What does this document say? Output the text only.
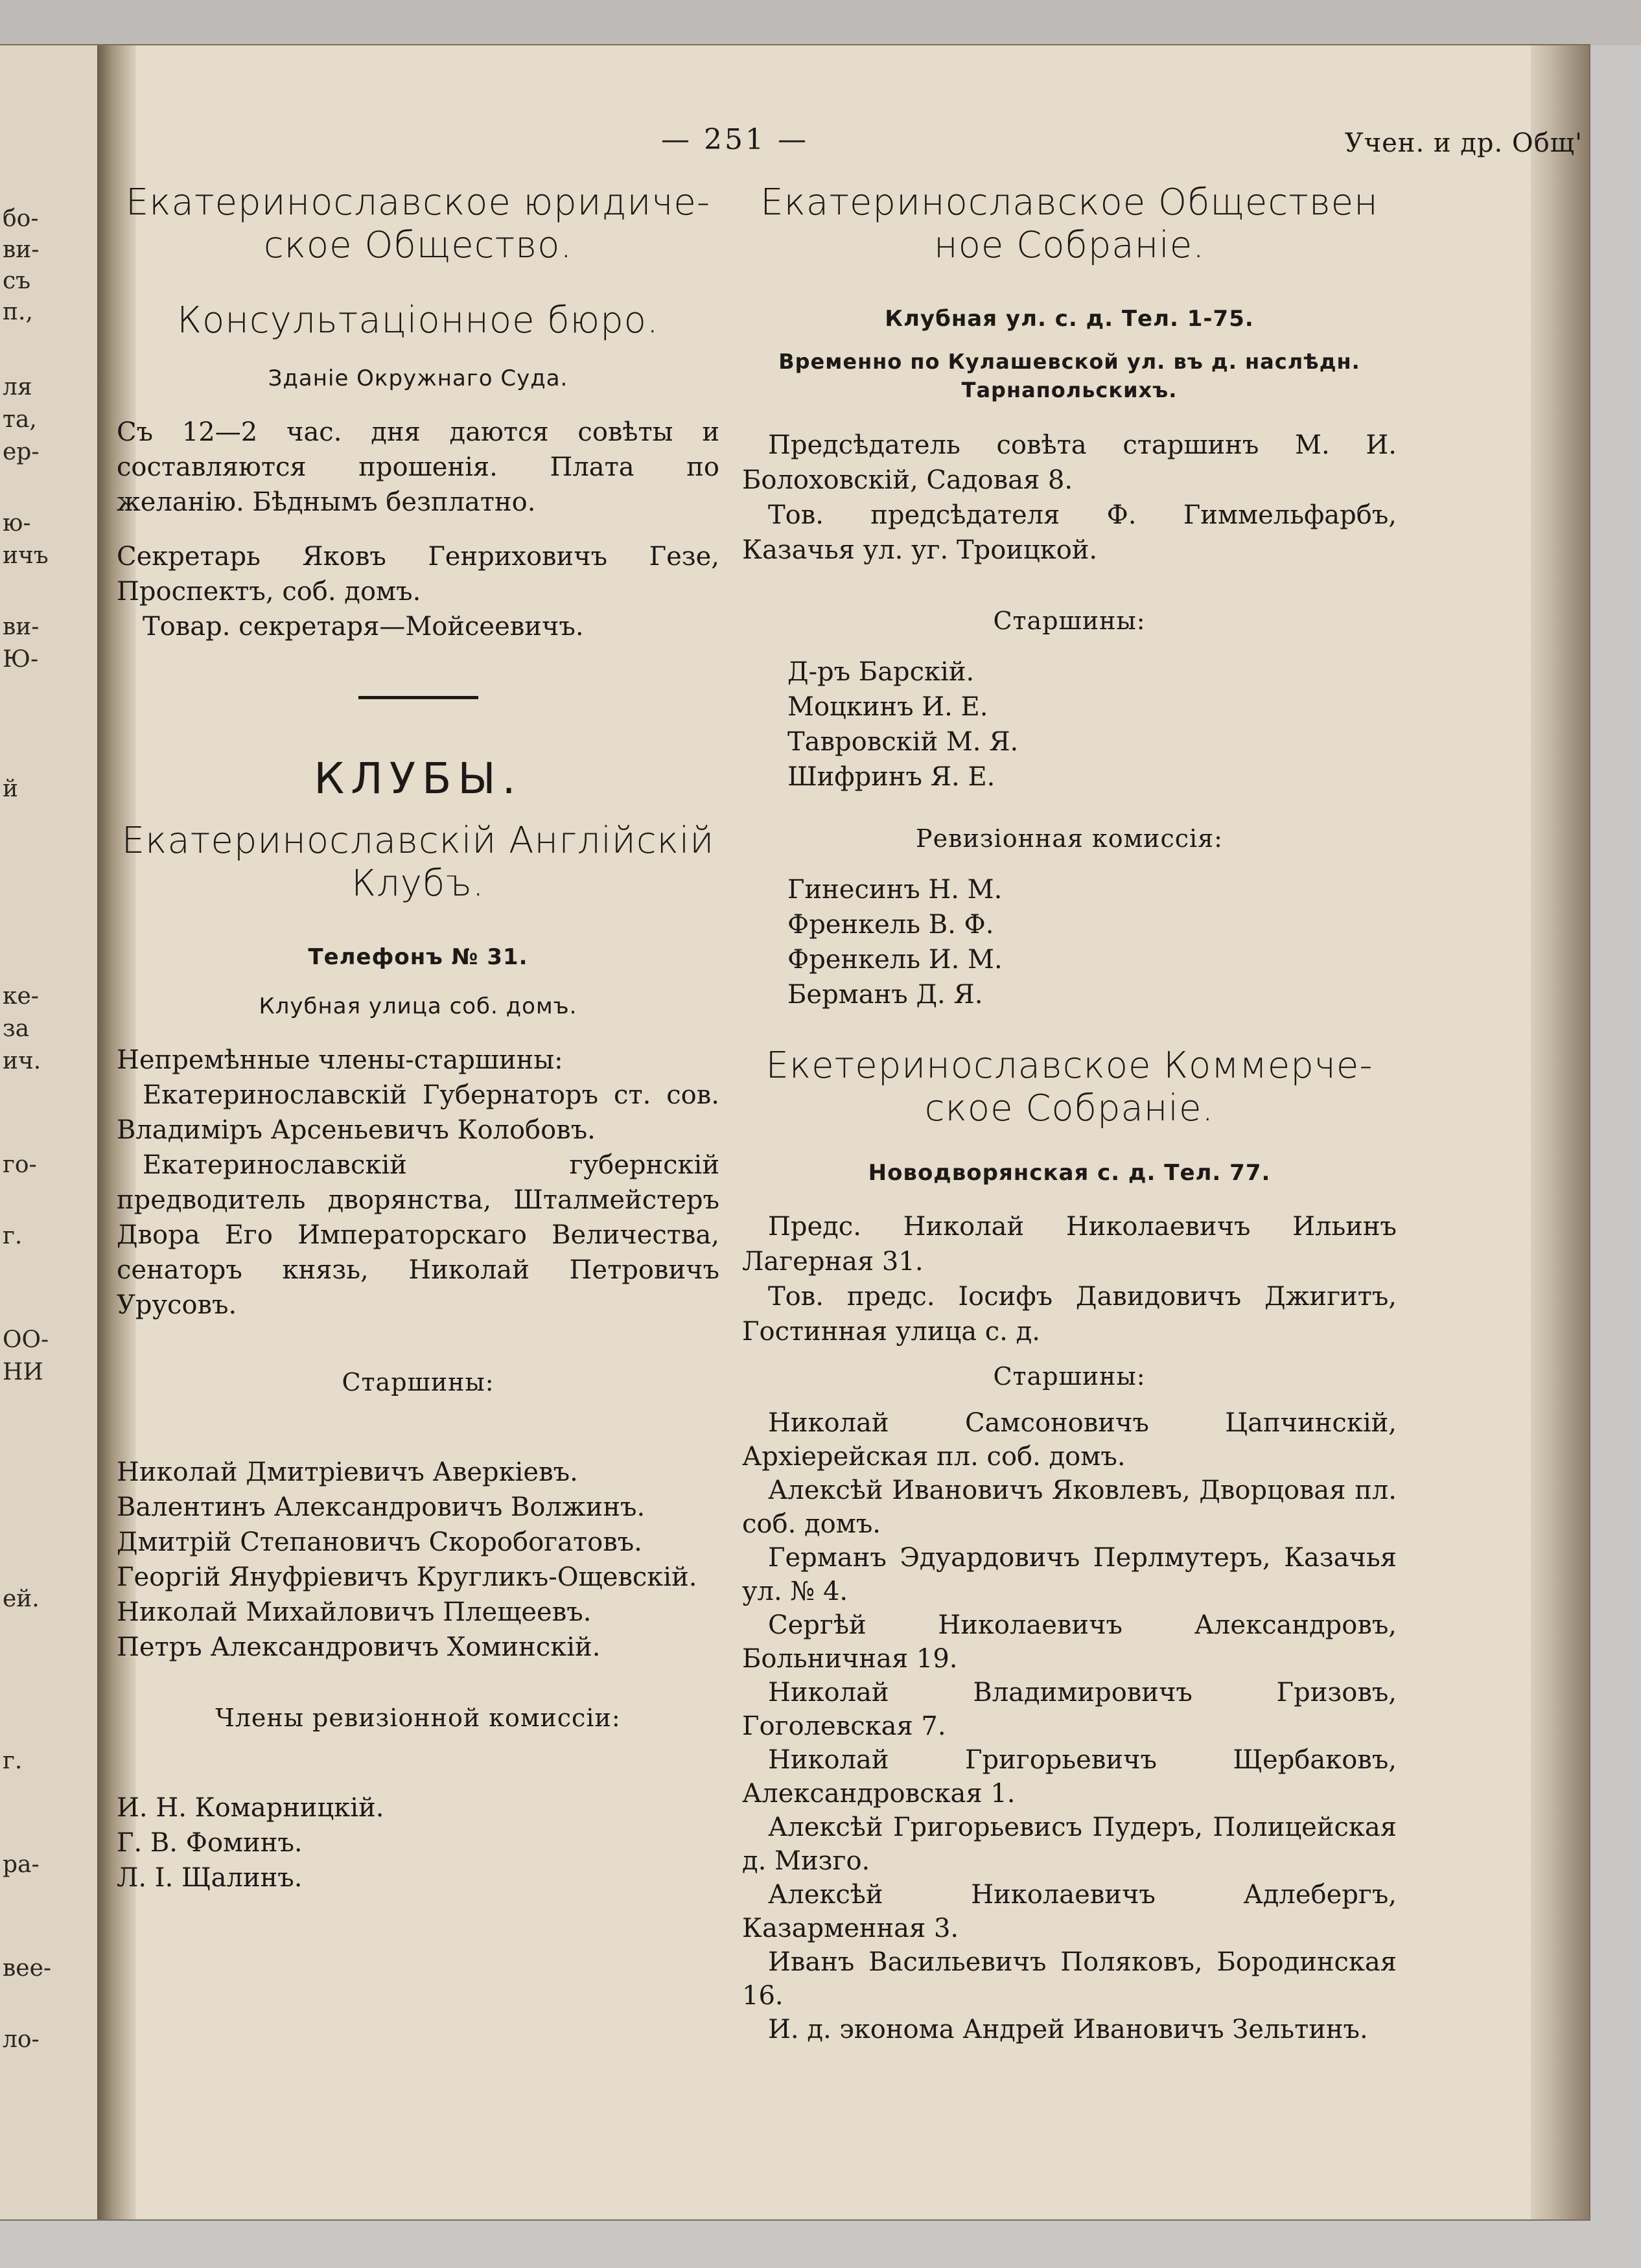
бо-
ви-
съ
п.,
ля
та,
ер-
ю-
ичъ
ви-
Ю-
й
ке-
за
ич.
го-
г.
ОО-
НИ
ей.
г.
ра-
вее-
ло-
— 251 —	Учен. и др. Общ'
Екатеринославское юридиче-
ское Общество.
Консультаціонное бюро.
Зданіе Окружнаго Суда.

Съ 12—2 час. дня даются совѣты и составляются прошенія. Плата по желанію. Бѣднымъ безплатно.

Секретарь Яковъ Генриховичъ Гезе, Проспектъ, соб. домъ.

Товар. секретаря—Мойсеевичъ.

КЛУБЫ.
Екатеринославскій Англійскій
Клубъ.
Телефонъ № 31.
Клубная улица соб. домъ.
Непремѣнные члены-старшины:

Екатеринославскій Губернаторъ ст. сов. Владиміръ Арсеньевичъ Колобовъ.

Екатеринославскій губернскій предводитель дворянства, Шталмейстеръ Двора Его Императорскаго Величества, сенаторъ князь, Николай Петровичъ Урусовъ.

Старшины:
Николай Дмитріевичъ Аверкіевъ.
Валентинъ Александровичъ Волжинъ.
Дмитрій Степановичъ Скоробогатовъ.
Георгій Януфріевичъ Кругликъ-Ощевскій.
Николай Михайловичъ Плещеевъ.
Петръ Александровичъ Хоминскій.
Члены ревизіонной комиссіи:
И. Н. Комарницкій.
Г. В. Фоминъ.
Л. І. Щалинъ.
Екатеринославское Обществен
ное Собраніе.
Клубная ул. с. д. Тел. 1-75.
Временно по Кулашевской ул. въ д. наслѣдн. Тарнапольскихъ.

Предсѣдатель совѣта старшинъ М. И. Болоховскій, Садовая 8.

Тов. предсѣдателя Ф. Гиммельфарбъ, Казачья ул. уг. Троицкой.

Старшины:
Д-ръ Барскій.
Моцкинъ И. Е.
Тавровскій М. Я.
Шифринъ Я. Е.
Ревизіонная комиссія:
Гинесинъ Н. М.
Френкель В. Ф.
Френкель И. М.
Берманъ Д. Я.
Екетеринославское Коммерче-
ское Собраніе.
Новодворянская с. д. Тел. 77.

Предс. Николай Николаевичъ Ильинъ Лагерная 31.

Тов. предс. Іосифъ Давидовичъ Джигитъ, Гостинная улица с. д.

Старшины:

Николай Самсоновичъ Цапчинскій, Архіерейская пл. соб. домъ.

Алексѣй Ивановичъ Яковлевъ, Дворцовая пл. соб. домъ.

Германъ Эдуардовичъ Перлмутеръ, Казачья ул. № 4.

Сергѣй Николаевичъ Александровъ, Больничная 19.

Николай Владимировичъ Гризовъ, Гоголевская 7.

Николай Григорьевичъ Щербаковъ, Александровская 1.

Алексѣй Григорьевисъ Пудеръ, Полицейская д. Мизго.

Алексѣй Николаевичъ Адлебергъ, Казарменная 3.

Иванъ Васильевичъ Поляковъ, Бородинская 16.

И. д. эконома Андрей Ивановичъ Зельтинъ.
